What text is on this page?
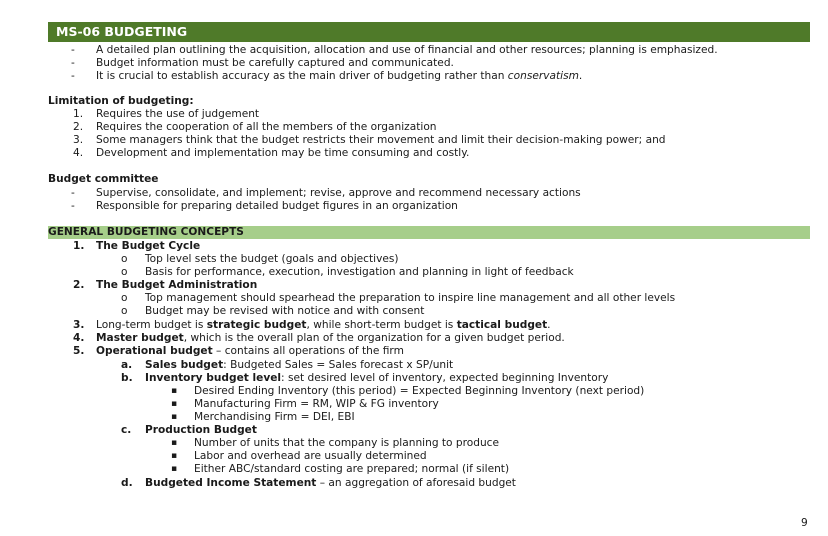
MS-06 BUDGETING
- A detailed plan outlining the acquisition, allocation and use of financial and other resources; planning is emphasized.
- Budget information must be carefully captured and communicated.
- It is crucial to establish accuracy as the main driver of budgeting rather than conservatism.
Limitation of budgeting:
1. Requires the use of judgement
2. Requires the cooperation of all the members of the organization
3. Some managers think that the budget restricts their movement and limit their decision-making power; and
4. Development and implementation may be time consuming and costly.
Budget committee
- Supervise, consolidate, and implement; revise, approve and recommend necessary actions
- Responsible for preparing detailed budget figures in an organization
GENERAL BUDGETING CONCEPTS
1. The Budget Cycle
o Top level sets the budget (goals and objectives)
o Basis for performance, execution, investigation and planning in light of feedback
2. The Budget Administration
o Top management should spearhead the preparation to inspire line management and all other levels
o Budget may be revised with notice and with consent
3. Long-term budget is strategic budget, while short-term budget is tactical budget.
4. Master budget, which is the overall plan of the organization for a given budget period.
5. Operational budget – contains all operations of the firm
a. Sales budget: Budgeted Sales = Sales forecast x SP/unit
b. Inventory budget level: set desired level of inventory, expected beginning Inventory
▪ Desired Ending Inventory (this period) = Expected Beginning Inventory (next period)
▪ Manufacturing Firm = RM, WIP & FG inventory
▪ Merchandising Firm = DEI, EBI
c. Production Budget
▪ Number of units that the company is planning to produce
▪ Labor and overhead are usually determined
▪ Either ABC/standard costing are prepared; normal (if silent)
d. Budgeted Income Statement – an aggregation of aforesaid budget
9
